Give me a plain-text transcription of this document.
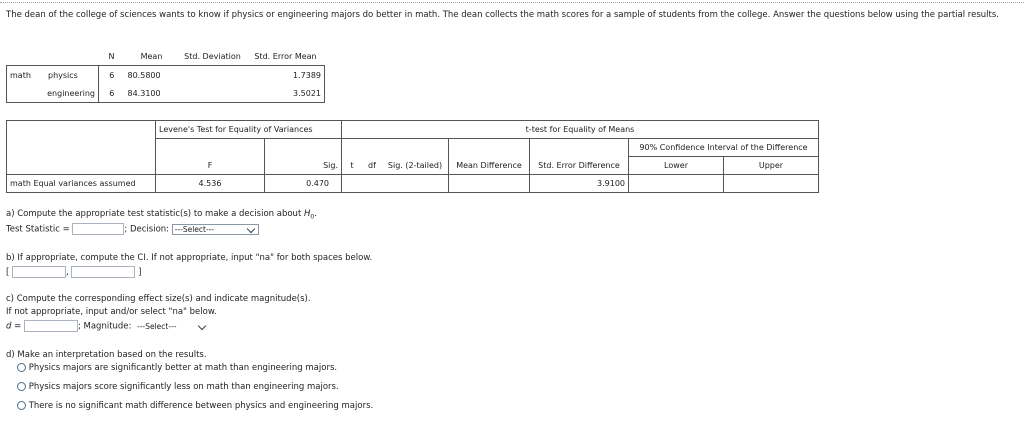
The dean of the college of sciences wants to know if physics or engineering majors do better in math. The dean collects the math scores for a sample of students from the college. Answer the questions below using the partial results.
	N	Mean	Std. Deviation	Std. Error Mean
math physics	6	80.5800		1.7389
engineering	6	84.3100		3.5021
	Levene's Test for Equality of Variances		t-test for Equality of Means						
								90% Confidence Interval of the Difference	
	F	Sig.	t	df	Sig. (2-tailed)	Mean Difference	Std. Error Difference	Lower	Upper
math Equal variances assumed	4.536	0.470					3.9100		
a) Compute the appropriate test statistic(s) to make a decision about $H_0$.
Test Statistic =	; Decision: ---Select---
b) If appropriate, compute the CI. If not appropriate, input "na" for both spaces below.
[	,	]
c) Compute the corresponding effect size(s) and indicate magnitude(s).
If not appropriate, input and/or select "na" below.
d =	; Magnitude: ---Select---
d) Make an interpretation based on the results.
Physics majors are significantly better at math than engineering majors.
Physics majors score significantly less on math than engineering majors.
There is no significant math difference between physics and engineering majors.
